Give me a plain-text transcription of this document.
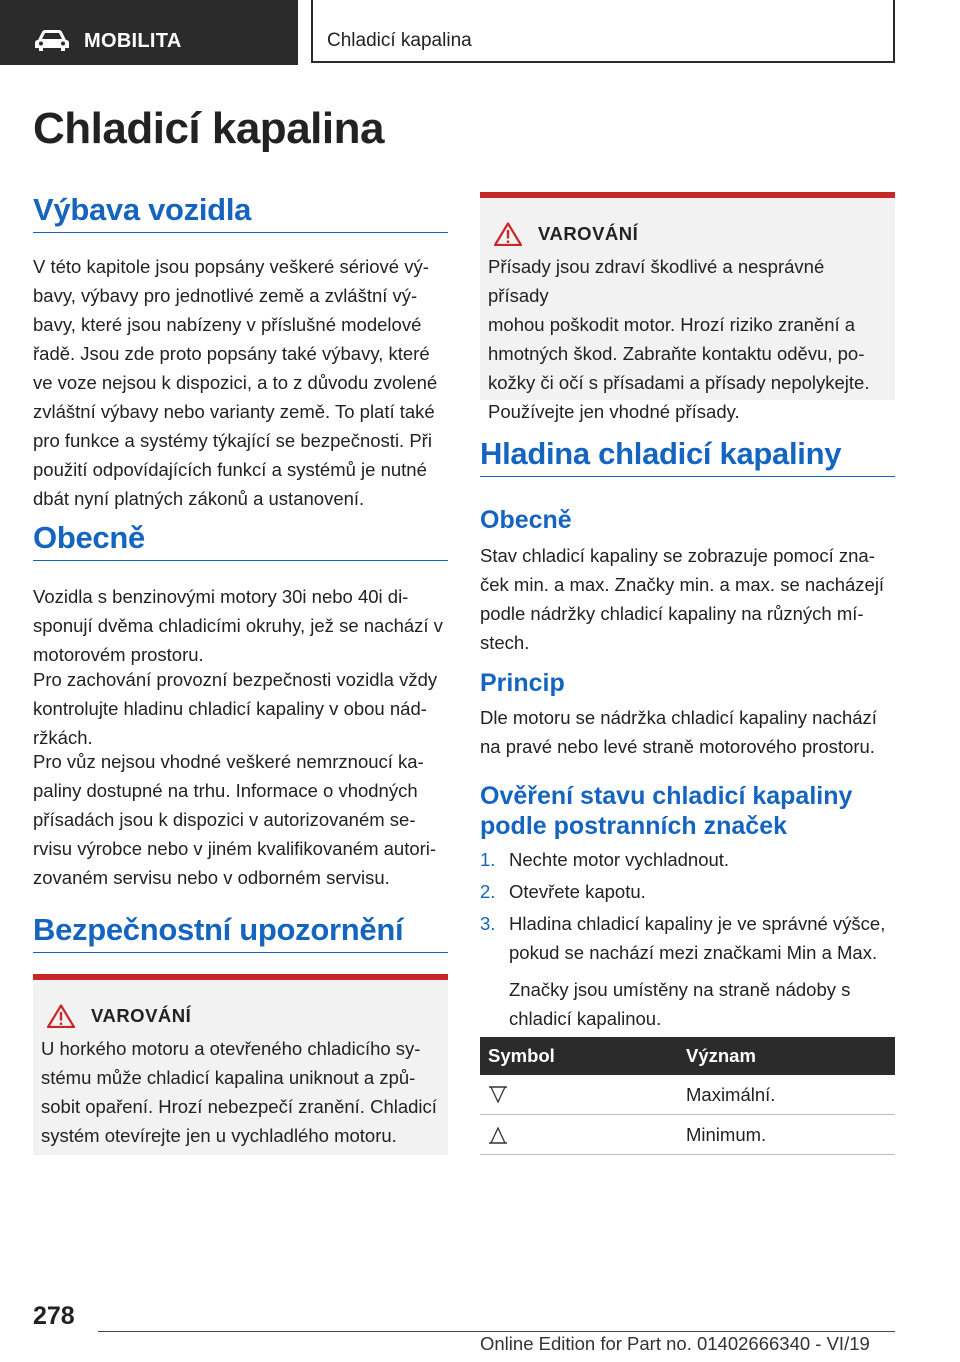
MOBILITA	Chladicí kapalina
Chladicí kapalina
Výbava vozidla
V této kapitole jsou popsány veškeré sériové vý-
bavy, výbavy pro jednotlivé země a zvláštní vý-
bavy, které jsou nabízeny v příslušné modelové
řadě. Jsou zde proto popsány také výbavy, které
ve voze nejsou k dispozici, a to z důvodu zvolené
zvláštní výbavy nebo varianty země. To platí také
pro funkce a systémy týkající se bezpečnosti. Při
použití odpovídajících funkcí a systémů je nutné
dbát nyní platných zákonů a ustanovení.
Obecně
Vozidla s benzinovými motory 30i nebo 40i di-
sponují dvěma chladicími okruhy, jež se nachází v
motorovém prostoru.
Pro zachování provozní bezpečnosti vozidla vždy
kontrolujte hladinu chladicí kapaliny v obou nád-
ržkách.
Pro vůz nejsou vhodné veškeré nemrznoucí ka-
paliny dostupné na trhu. Informace o vhodných
přísadách jsou k dispozici v autorizovaném se-
rvisu výrobce nebo v jiném kvalifikovaném autori-
zovaném servisu nebo v odborném servisu.
Bezpečnostní upozornění
VAROVÁNÍ
U horkého motoru a otevřeného chladicího sy-
stému může chladicí kapalina uniknout a způ-
sobit opaření. Hrozí nebezpečí zranění. Chladicí
systém otevírejte jen u vychladlého motoru.
VAROVÁNÍ
Přísady jsou zdraví škodlivé a nesprávné přísady
mohou poškodit motor. Hrozí riziko zranění a
hmotných škod. Zabraňte kontaktu oděvu, po-
kožky či očí s přísadami a přísady nepolykejte.
Používejte jen vhodné přísady.
Hladina chladicí kapaliny
Obecně
Stav chladicí kapaliny se zobrazuje pomocí zna-
ček min. a max. Značky min. a max. se nacházejí
podle nádržky chladicí kapaliny na různých mí-
stech.
Princip
Dle motoru se nádržka chladicí kapaliny nachází
na pravé nebo levé straně motorového prostoru.
Ověření stavu chladicí kapaliny
podle postranních značek
1. Nechte motor vychladnout.
2. Otevřete kapotu.
3. Hladina chladicí kapaliny je ve správné výšce,
pokud se nachází mezi značkami Min a Max.
Značky jsou umístěny na straně nádoby s
chladicí kapalinou.
Symbol	Význam

	Maximální.

	Minimum.
278
Online Edition for Part no. 01402666340 - VI/19
